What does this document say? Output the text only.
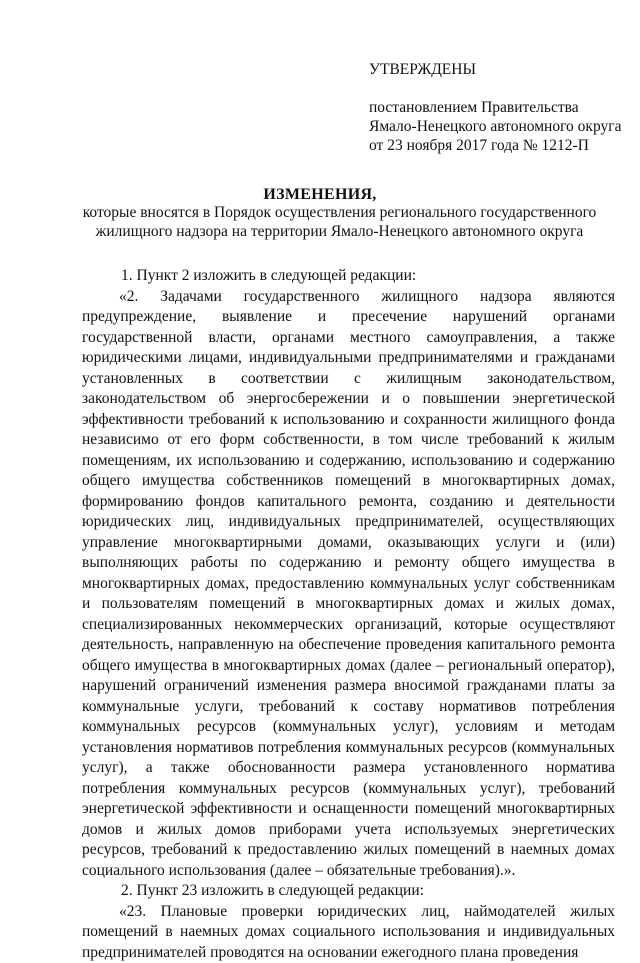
УТВЕРЖДЕНЫ
постановлением Правительства
Ямало-Ненецкого автономного округа
от 23 ноября 2017 года № 1212-П
ИЗМЕНЕНИЯ,
которые вносятся в Порядок осуществления регионального государственного
жилищного надзора на территории Ямало-Ненецкого автономного округа

1. Пункт 2 изложить в следующей редакции:

«2. Задачами государственного жилищного надзора являются предупреждение, выявление и пресечение нарушений органами государственной власти, органами местного самоуправления, а также юридическими лицами, индивидуальными предпринимателями и гражданами установленных в соответствии с жилищным законодательством, законодательством об энергосбережении и о повышении энергетической эффективности требований к использованию и сохранности жилищного фонда независимо от его форм собственности, в том числе требований к жилым помещениям, их использованию и содержанию, использованию и содержанию общего имущества собственников помещений в многоквартирных домах, формированию фондов капитального ремонта, созданию и деятельности юридических лиц, индивидуальных предпринимателей, осуществляющих управление многоквартирными домами, оказывающих услуги и (или) выполняющих работы по содержанию и ремонту общего имущества в многоквартирных домах, предоставлению коммунальных услуг собственникам и пользователям помещений в многоквартирных домах и жилых домах, специализированных некоммерческих организаций, которые осуществляют деятельность, направленную на обеспечение проведения капитального ремонта общего имущества в многоквартирных домах (далее – региональный оператор), нарушений ограничений изменения размера вносимой гражданами платы за коммунальные услуги, требований к составу нормативов потребления коммунальных ресурсов (коммунальных услуг), условиям и методам установления нормативов потребления коммунальных ресурсов (коммунальных услуг), а также обоснованности размера установленного норматива потребления коммунальных ресурсов (коммунальных услуг), требований энергетической эффективности и оснащенности помещений многоквартирных домов и жилых домов приборами учета используемых энергетических ресурсов, требований к предоставлению жилых помещений в наемных домах социального использования (далее – обязательные требования).».

2. Пункт 23 изложить в следующей редакции:

«23. Плановые проверки юридических лиц, наймодателей жилых помещений в наемных домах социального использования и индивидуальных предпринимателей проводятся на основании ежегодного плана проведения
